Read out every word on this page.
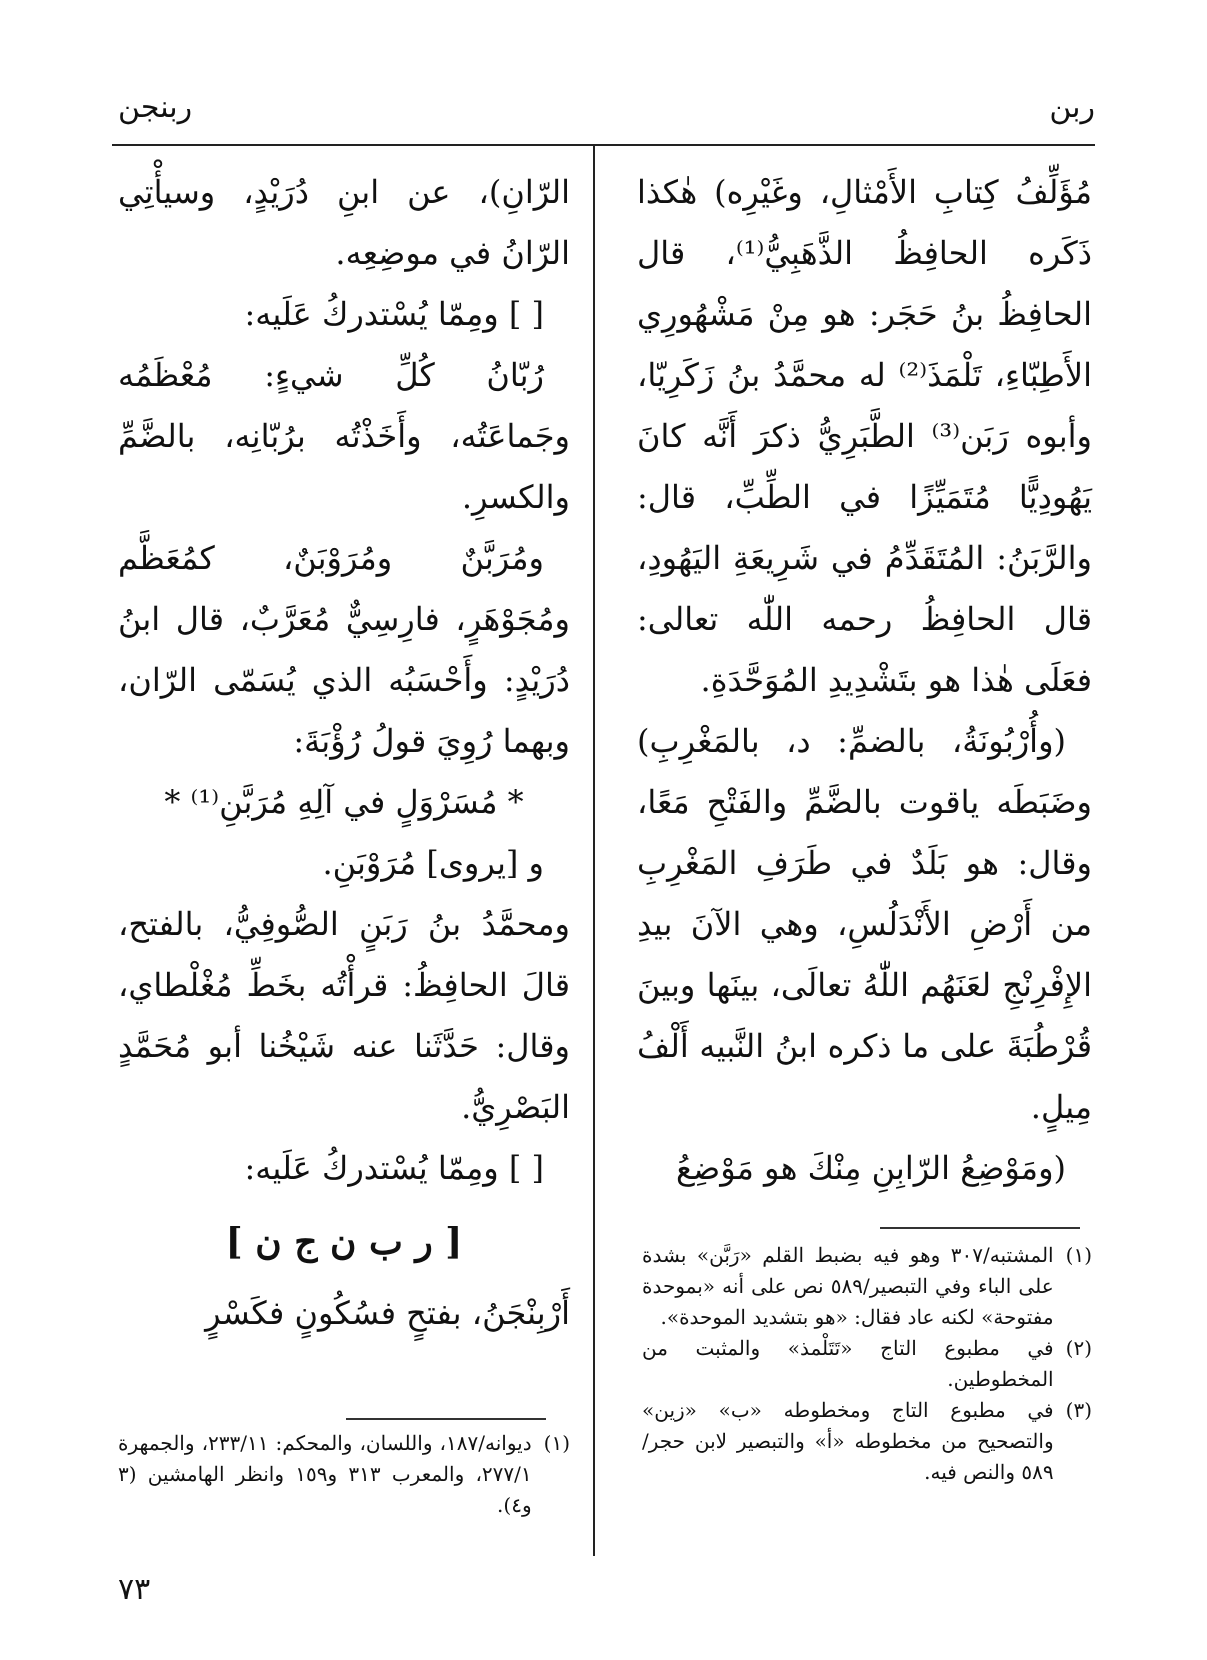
ربن
ربنجن

مُؤَلِّفُ كِتابِ الأَمْثالِ، وغَيْرِه) هٰكذا ذَكَره الحافِظُ الذَّهَبِيُّ⁽¹⁾، قال الحافِظُ بنُ حَجَر: هو مِنْ مَشْهُورِي الأَطِبّاءِ، تَلْمَذَ⁽²⁾ له محمَّدُ بنُ زَكَرِيّا، وأبوه رَبَن⁽³⁾ الطَّبَرِيُّ ذكرَ أَنَّه كانَ يَهُودِيًّا مُتَمَيِّزًا في الطِّبِّ، قال: والرَّبَنُ: المُتَقَدِّمُ في شَرِيعَةِ اليَهُودِ، قال الحافِظُ رحمه اللّٰه تعالى: فعَلَى هٰذا هو بتَشْدِيدِ المُوَحَّدَةِ.

(وأُرْبُونَةُ، بالضمِّ: د، بالمَغْرِبِ) وضَبَطَه ياقوت بالضَّمِّ والفَتْحِ مَعًا، وقال: هو بَلَدٌ في طَرَفِ المَغْرِبِ من أَرْضِ الأَنْدَلُسِ، وهي الآنَ بيدِ الإِفْرِنْجِ لعَنَهُم اللّٰهُ تعالَى، بينَها وبينَ قُرْطُبَةَ على ما ذكره ابنُ النَّبيه أَلْفُ مِيلٍ.

(ومَوْضِعُ الرّابِنِ مِنْكَ هو مَوْضِعُ

الرّانِ)، عن ابنِ دُرَيْدٍ، وسيأْتِي الرّانُ في موضِعِه.

[ ] ومِمّا يُسْتدركُ عَلَيه:

رُبّانُ كُلِّ شيءٍ: مُعْظَمُه وجَماعَتُه، وأَخَذْتُه برُبّانِه، بالضَّمِّ والكسرِ.

ومُرَبَّنٌ ومُرَوْبَنٌ، كمُعَظَّم ومُجَوْهَرٍ، فارِسِيٌّ مُعَرَّبٌ، قال ابنُ دُرَيْدٍ: وأَحْسَبُه الذي يُسَمّى الرّان، وبهما رُوِيَ قولُ رُؤْبَةَ:

* مُسَرْوَلٍ في آلِهِ مُرَبَّنِ⁽¹⁾ *

و [يروى] مُرَوْبَنِ.

ومحمَّدُ بنُ رَبَنٍ الصُّوفِيُّ، بالفتح، قالَ الحافِظُ: قرأْتُه بخَطِّ مُغْلْطاي، وقال: حَدَّثَنا عنه شَيْخُنا أبو مُحَمَّدٍ البَصْرِيُّ.

[ ] ومِمّا يُسْتدركُ عَلَيه:

[ ر ب ن ج ن ]

أَرْبِنْجَنُ، بفتحٍ فسُكُونٍ فكَسْرٍ

(١)
المشتبه/٣٠٧ وهو فيه بضبط القلم «رَبَّن» بشدة على الباء وفي التبصير/٥٨٩ نص على أنه «بموحدة مفتوحة» لكنه عاد فقال: «هو بتشديد الموحدة».

(٢)
في مطبوع التاج «تَتَلْمذ» والمثبت من المخطوطين.

(٣)
في مطبوع التاج ومخطوطه «ب» «زين» والتصحيح من مخطوطه «أ» والتبصير لابن حجر/٥٨٩ والنص فيه.

(١)
ديوانه/١٨٧، واللسان، والمحكم: ٢٣٣/١١، والجمهرة ٢٧٧/١، والمعرب ٣١٣ و١٥٩ وانظر الهامشين (٣ و٤).

٧٣
